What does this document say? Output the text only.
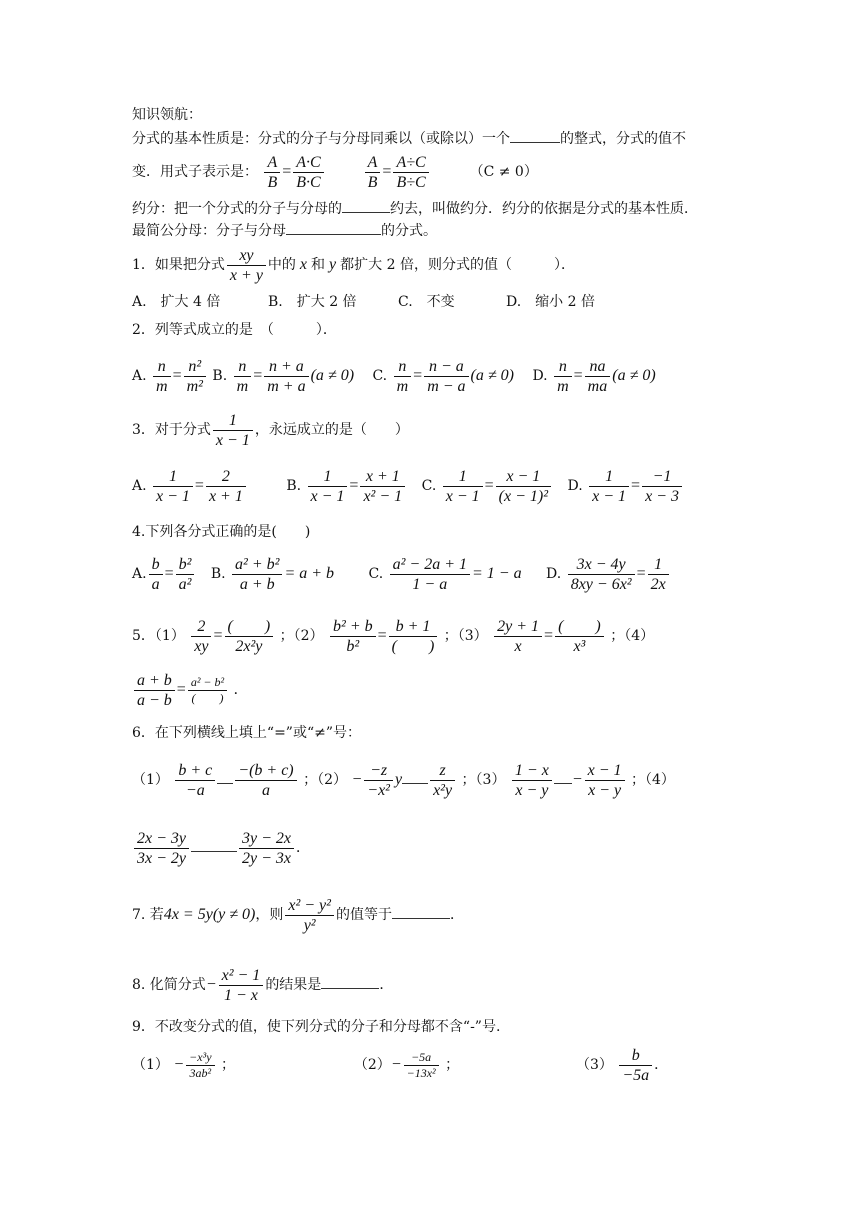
知识领航：
分式的基本性质是：分式的分子与分母同乘以（或除以）一个	的整式，分式的值不
变．用式子表示是： $\frac{A}{B} = \frac{A\cdot C}{B\cdot C}$
	$\frac{A}{B} = \frac{A\div C}{B\div C}$	（C ≠ 0）
约分：把一个分式的分子与分母的	约去，叫做约分．约分的依据是分式的基本性质．
最简公分母：分子与分母	的分式。
1．如果把分式 $\frac{xy}{x + y}$ 中的 x 和 y 都扩大 2 倍，则分式的值（　　　）．
A.　扩大 4 倍	B.　扩大 2 倍	C.　不变	D.　缩小 2 倍
2．列等式成立的是　（　　　）．
A. $\frac{n}{m} = \frac{\text{n²}}{\text{m²}} B$. $\frac{n}{m} = \frac{n + a}{m + a} (a \ne 0)$ C. $\frac{n}{m} = \frac{n - a}{m - a} (a \ne 0)$ D. $\frac{n}{m} = \frac{na}{ma} (a \ne 0)$
3．对于分式 $\frac{1}{x - 1}$ ，永远成立的是（　　）
A. $\frac{1}{x - 1} = \frac{2}{x + 1}$	B. $\frac{1}{x - 1} = \frac{x + 1}{\text{x² − 1}} C$. $\frac{1}{x - 1} = \frac{x - 1}{\text{(x − 1)²}} D$. $\frac{1}{x - 1} = \frac{-1}{x - 3}$
4.下列各分式正确的是(　　)
A. $\frac{b}{a} = \frac{\text{b²}}{\text{a²}} B$. $\frac{\text{a² + b²}}{a + b} = a + b$ C. $\frac{\text{a² − 2a + 1}}{1 - a} = 1 - a$ D. $\frac{3x - 4y}{\text{8xy − 6x²}} = \frac{1}{2x}$
5．$(1) \frac{2}{xy} = \frac{( )}{\text{2x²y}}$ ；$(2) \frac{\text{b² + b}}{\text{b²}} = \frac{b + 1}{( )}$ ；$(3) \frac{2y + 1}{x} = \frac{( )}{\text{x³}}$ ；（4）
$\frac{a + b}{a - b} = \frac{\text{a² − b²}}{( )}$ ．
6．在下列横线上填上“=”或“≠”号：
$(1) \frac{b + c}{-a} \frac{-(b + c)}{a}$ ；$(2) - \frac{-z}{\text{−x²}}$ y $\frac{z}{\text{x²y}}$ ；$(3) \frac{1 - x}{x - y} - \frac{x - 1}{x - y}$ ；（4）
$\frac{2x - 3y}{3x - 2y}$	$\frac{3y - 2x}{2y - 3x}$ ．
7. 若4x = 5y(y ≠ 0)，则 $\frac{\text{x² − y²}}{\text{y²}}$ 的值等于	．
8. 化简分式− $\frac{\text{x² − 1}}{1 - x}$ 的结果是	．
9．不改变分式的值，使下列分式的分子和分母都不含“-”号.
$(1) - \frac{\text{−x³y}}{\text{3ab²}}$ ；	$(2)- \frac{-5a}{\text{−13x²}}$ ；	$(3) \frac{b}{-5a}$ ．
